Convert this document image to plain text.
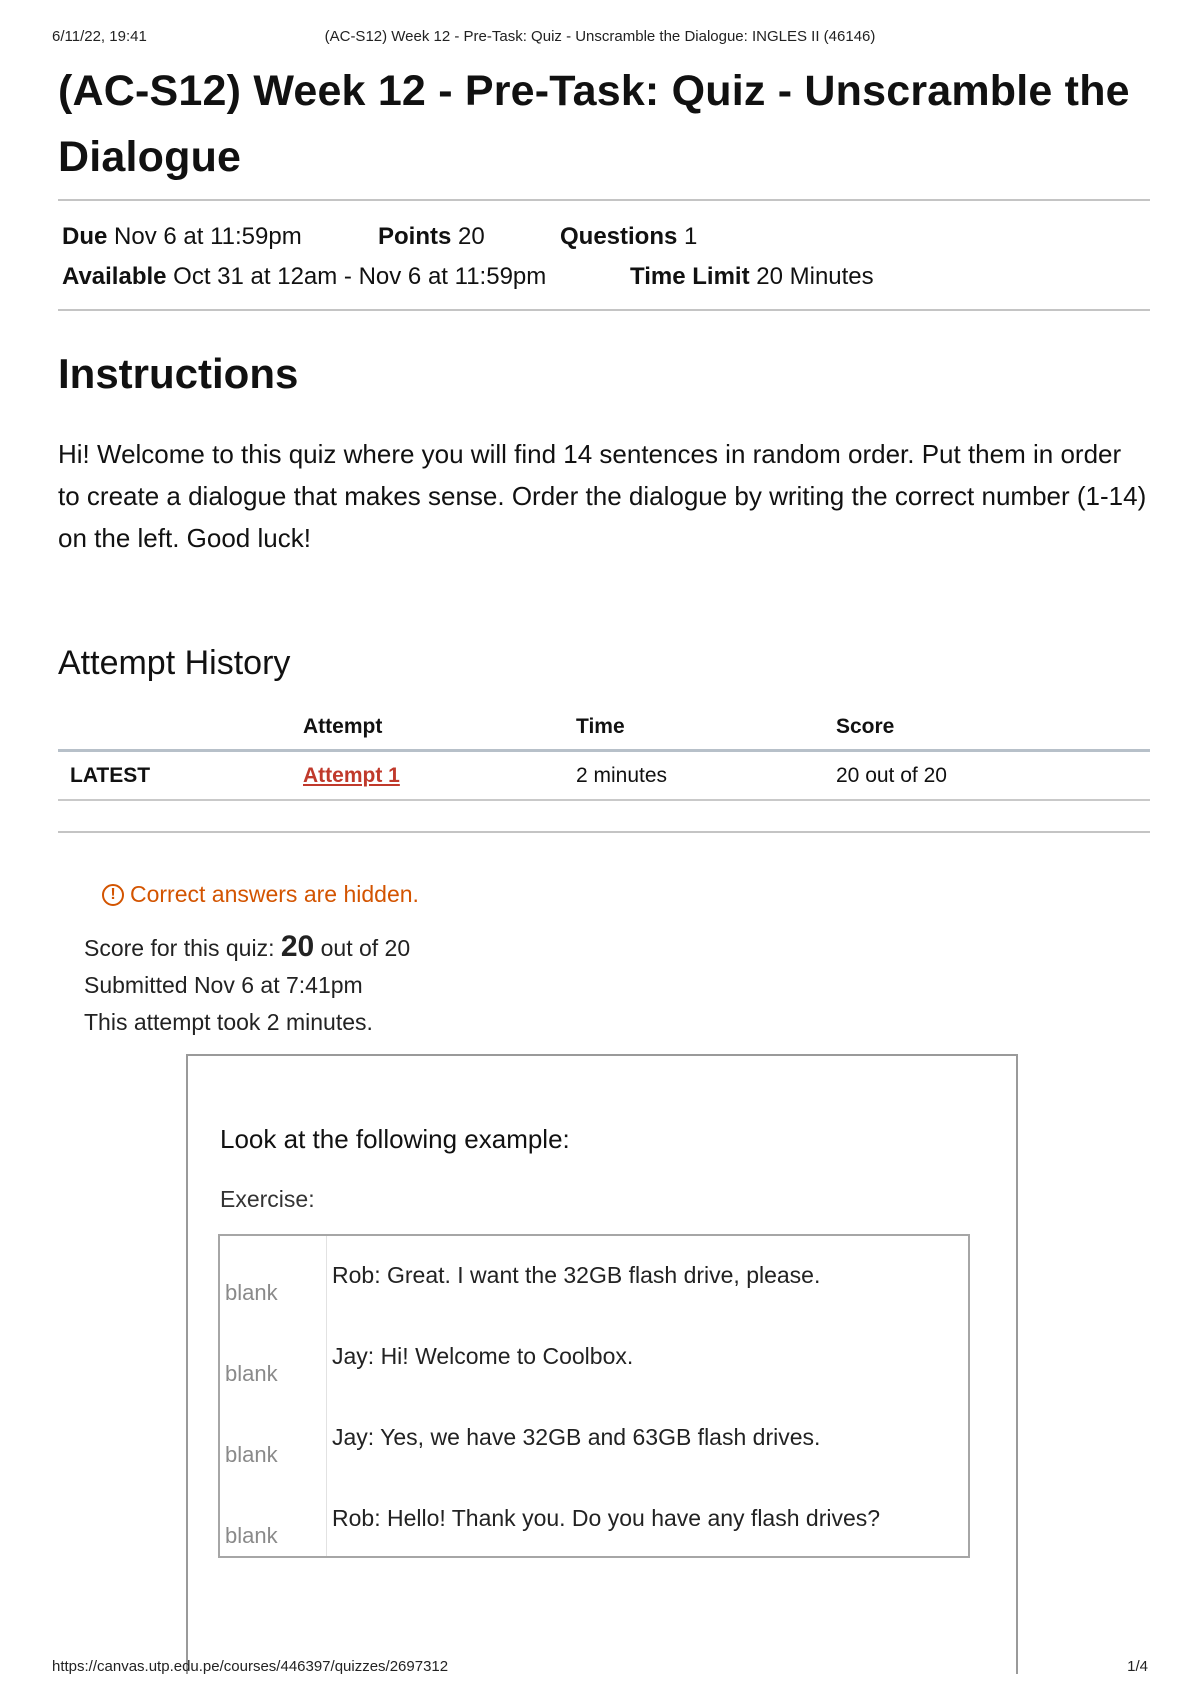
6/11/22, 19:41	(AC-S12) Week 12 - Pre-Task: Quiz - Unscramble the Dialogue: INGLES II (46146)
(AC-S12) Week 12 - Pre-Task: Quiz - Unscramble the Dialogue
Due Nov 6 at 11:59pm	Points 20	Questions 1
Available Oct 31 at 12am - Nov 6 at 11:59pm	Time Limit 20 Minutes
Instructions
Hi! Welcome to this quiz where you will find 14 sentences in random order. Put them in order to create a dialogue that makes sense. Order the dialogue by writing the correct number (1-14) on the left. Good luck!
Attempt History
	Attempt	Time	Score
LATEST	Attempt 1	2 minutes	20 out of 20
! Correct answers are hidden.
Score for this quiz: 20 out of 20
Submitted Nov 6 at 7:41pm
This attempt took 2 minutes.
Look at the following example:
Exercise:
blank
Rob: Great. I want the 32GB flash drive, please.
blank
Jay: Hi! Welcome to Coolbox.
blank
Jay: Yes, we have 32GB and 63GB flash drives.
blank
Rob: Hello! Thank you. Do you have any flash drives?
https://canvas.utp.edu.pe/courses/446397/quizzes/2697312	1/4
